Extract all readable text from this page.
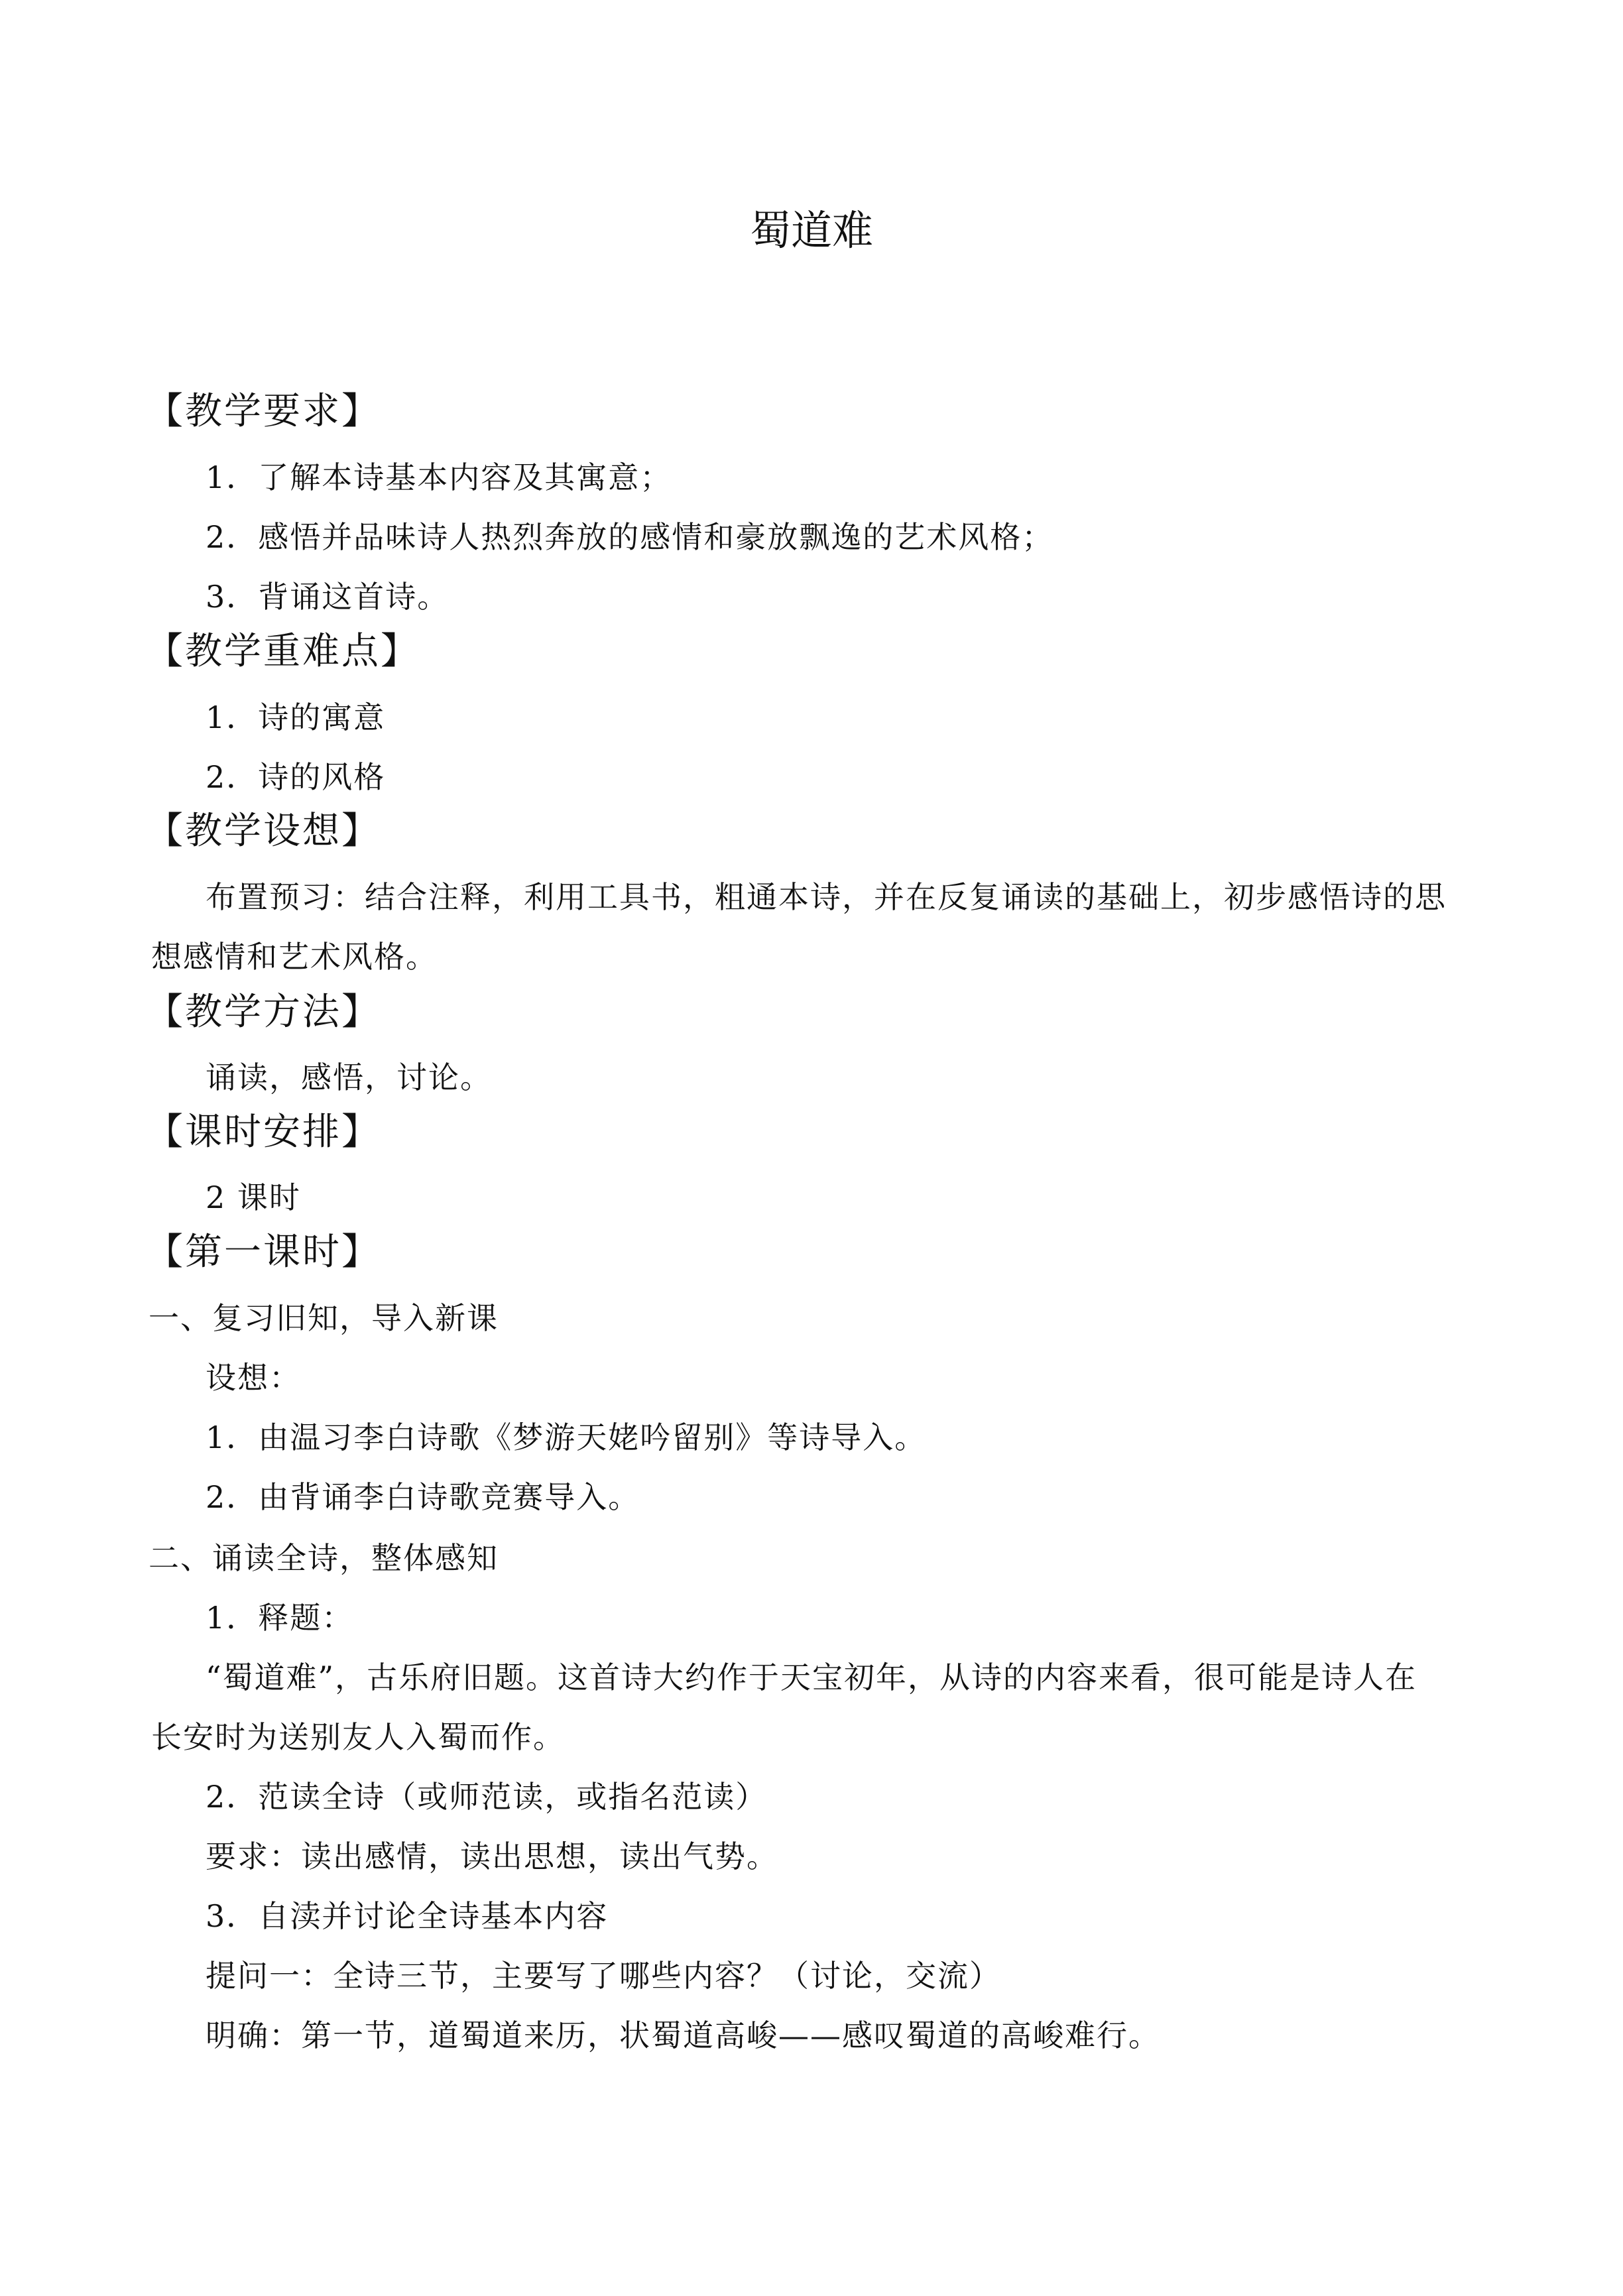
蜀道难
【教学要求】
1．了解本诗基本内容及其寓意；
2．感悟并品味诗人热烈奔放的感情和豪放飘逸的艺术风格；
3．背诵这首诗。
【教学重难点】
1．诗的寓意
2．诗的风格
【教学设想】
布置预习：结合注释，利用工具书，粗通本诗，并在反复诵读的基础上，初步感悟诗的思
想感情和艺术风格。
【教学方法】
诵读，感悟，讨论。
【课时安排】
2 课时
【第一课时】
一、复习旧知，导入新课
设想：
1．由温习李白诗歌《梦游天姥吟留别》等诗导入。
2．由背诵李白诗歌竞赛导入。
二、诵读全诗，整体感知
1．释题：
“蜀道难”，古乐府旧题。这首诗大约作于天宝初年，从诗的内容来看，很可能是诗人在
长安时为送别友人入蜀而作。
2．范读全诗（或师范读，或指名范读）
要求：读出感情，读出思想，读出气势。
3．自渎并讨论全诗基本内容
提问一：全诗三节，主要写了哪些内容？（讨论，交流）
明确：第一节，道蜀道来历，状蜀道高峻——感叹蜀道的高峻难行。
